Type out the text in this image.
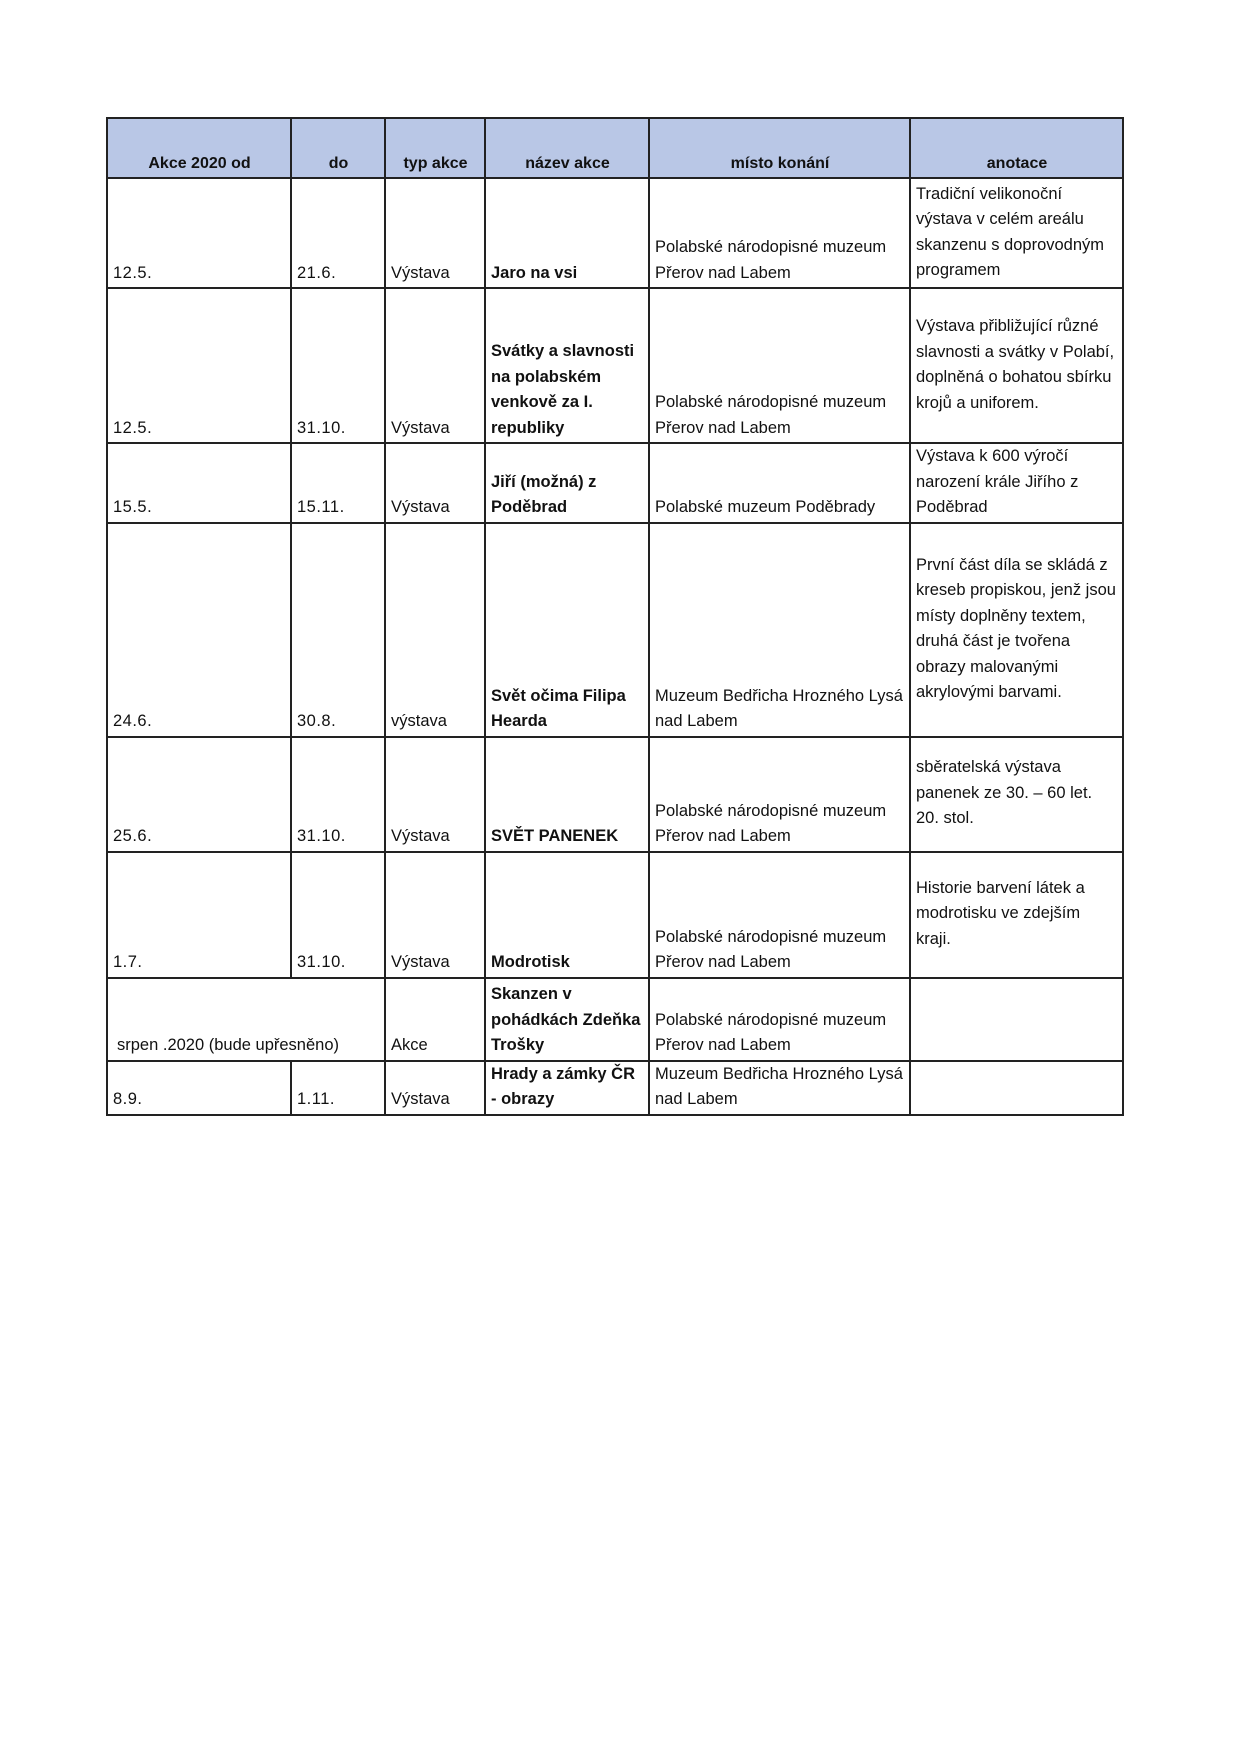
Akce 2020 od	do	typ akce	název akce	místo konání	anotace
12.5.	21.6.	Výstava	Jaro na vsi	Polabské národopisné muzeum Přerov nad Labem	Tradiční velikonoční výstava v celém areálu skanzenu s doprovodným programem
12.5.	31.10.	Výstava	Svátky a slavnosti na polabském venkově za I. republiky	Polabské národopisné muzeum Přerov nad Labem	Výstava přibližující různé slavnosti a svátky v Polabí, doplněná o bohatou sbírku krojů a uniforem.
15.5.	15.11.	Výstava	Jiří (možná) z Poděbrad	Polabské muzeum Poděbrady	Výstava k 600 výročí narození krále Jiřího z Poděbrad
24.6.	30.8.	výstava	Svět očima Filipa Hearda	Muzeum Bedřicha Hrozného Lysá nad Labem	První část díla se skládá z kreseb propiskou, jenž jsou místy doplněny textem, druhá část je tvořena obrazy malovanými akrylovými barvami.
25.6.	31.10.	Výstava	SVĚT PANENEK	Polabské národopisné muzeum Přerov nad Labem	sběratelská výstava panenek ze 30. – 60 let. 20. stol.
1.7.	31.10.	Výstava	Modrotisk	Polabské národopisné muzeum Přerov nad Labem	Historie barvení látek a modrotisku ve zdejším kraji.
srpen .2020 (bude upřesněno)		Akce	Skanzen v pohádkách Zdeňka Trošky	Polabské národopisné muzeum Přerov nad Labem	
8.9.	1.11.	Výstava	Hrady a zámky ČR - obrazy	Muzeum Bedřicha Hrozného Lysá nad Labem	
